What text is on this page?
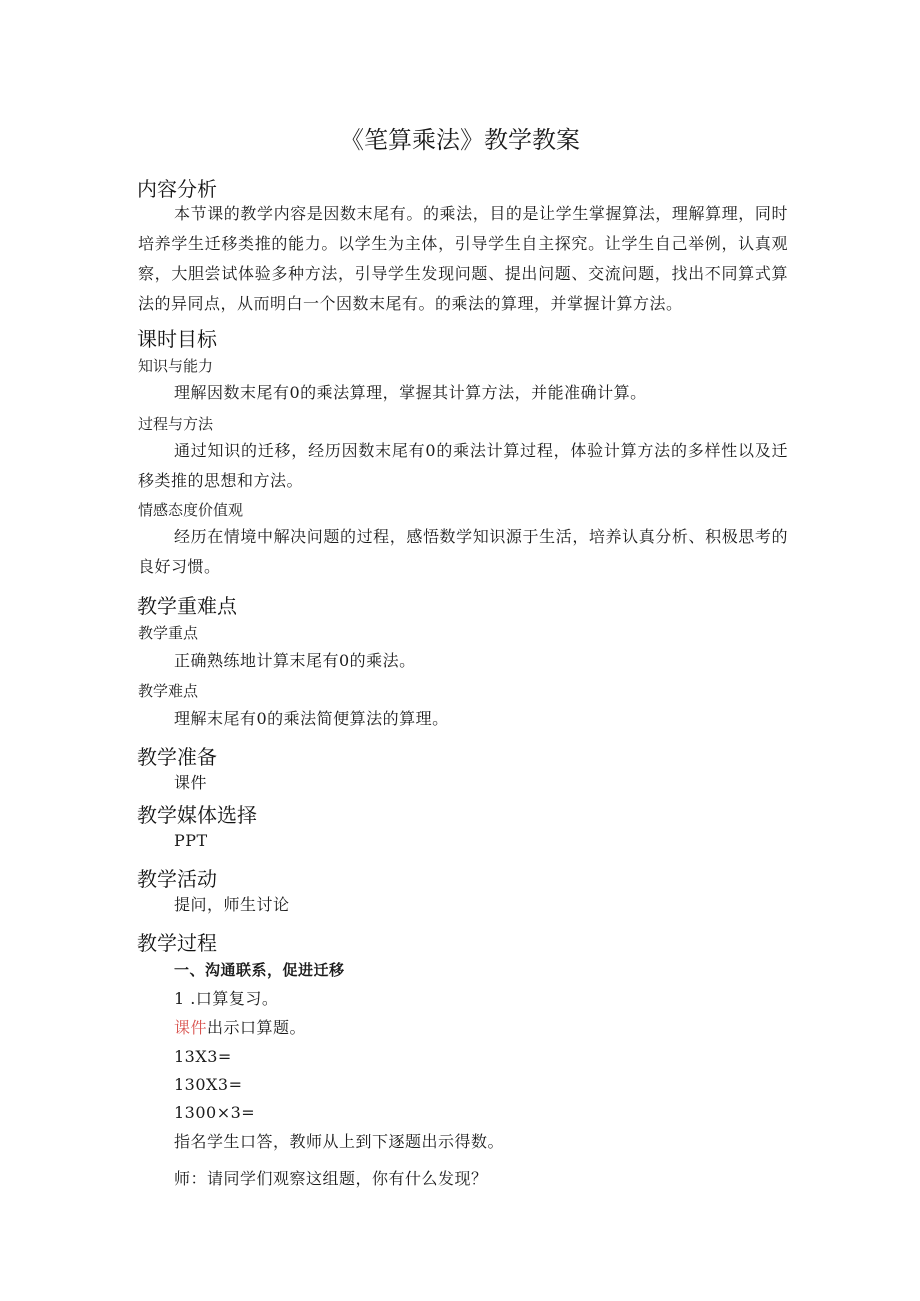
《笔算乘法》教学教案
内容分析
本节课的教学内容是因数末尾有。的乘法，目的是让学生掌握算法，理解算理，同时培养学生迁移类推的能力。以学生为主体，引导学生自主探究。让学生自己举例，认真观察，大胆尝试体验多种方法，引导学生发现问题、提出问题、交流问题，找出不同算式算法的异同点，从而明白一个因数末尾有。的乘法的算理，并掌握计算方法。
课时目标
知识与能力
理解因数末尾有0的乘法算理，掌握其计算方法，并能准确计算。
过程与方法
通过知识的迁移，经历因数末尾有0的乘法计算过程，体验计算方法的多样性以及迁移类推的思想和方法。
情感态度价值观
经历在情境中解决问题的过程，感悟数学知识源于生活，培养认真分析、积极思考的良好习惯。
教学重难点
教学重点
正确熟练地计算末尾有0的乘法。
教学难点
理解末尾有0的乘法简便算法的算理。
教学准备
课件
教学媒体选择
PPT
教学活动
提问，师生讨论
教学过程
一、沟通联系，促进迁移
1 .口算复习。
课件出示口算题。
13X3=
130X3=
1300×3=
指名学生口答，教师从上到下逐题出示得数。
师：请同学们观察这组题，你有什么发现？
